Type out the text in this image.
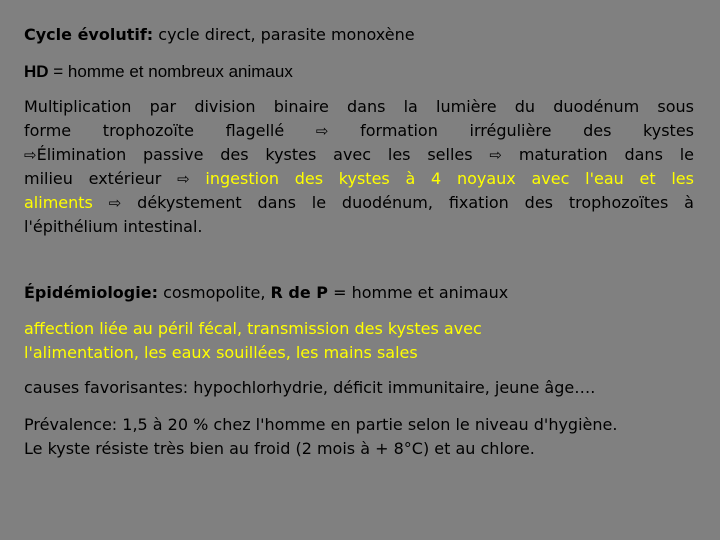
Cycle évolutif: cycle direct, parasite monoxène
HD = homme et nombreux animaux
Multiplication par division binaire dans la lumière du duodénum sous
forme trophozoïte flagellé ⇨ formation irrégulière des kystes
⇨Élimination passive des kystes avec les selles ⇨ maturation dans le
milieu extérieur ⇨ ingestion des kystes à 4 noyaux avec l'eau et les
aliments ⇨ dékystement dans le duodénum, fixation des trophozoïtes à
l'épithélium intestinal.
Épidémiologie: cosmopolite, R de P = homme et animaux
affection liée au péril fécal, transmission des kystes avec
l'alimentation, les eaux souillées, les mains sales
causes favorisantes: hypochlorhydrie, déficit immunitaire, jeune âge….
Prévalence: 1,5 à 20 % chez l'homme en partie selon le niveau d'hygiène.
Le kyste résiste très bien au froid (2 mois à + 8°C) et au chlore.
